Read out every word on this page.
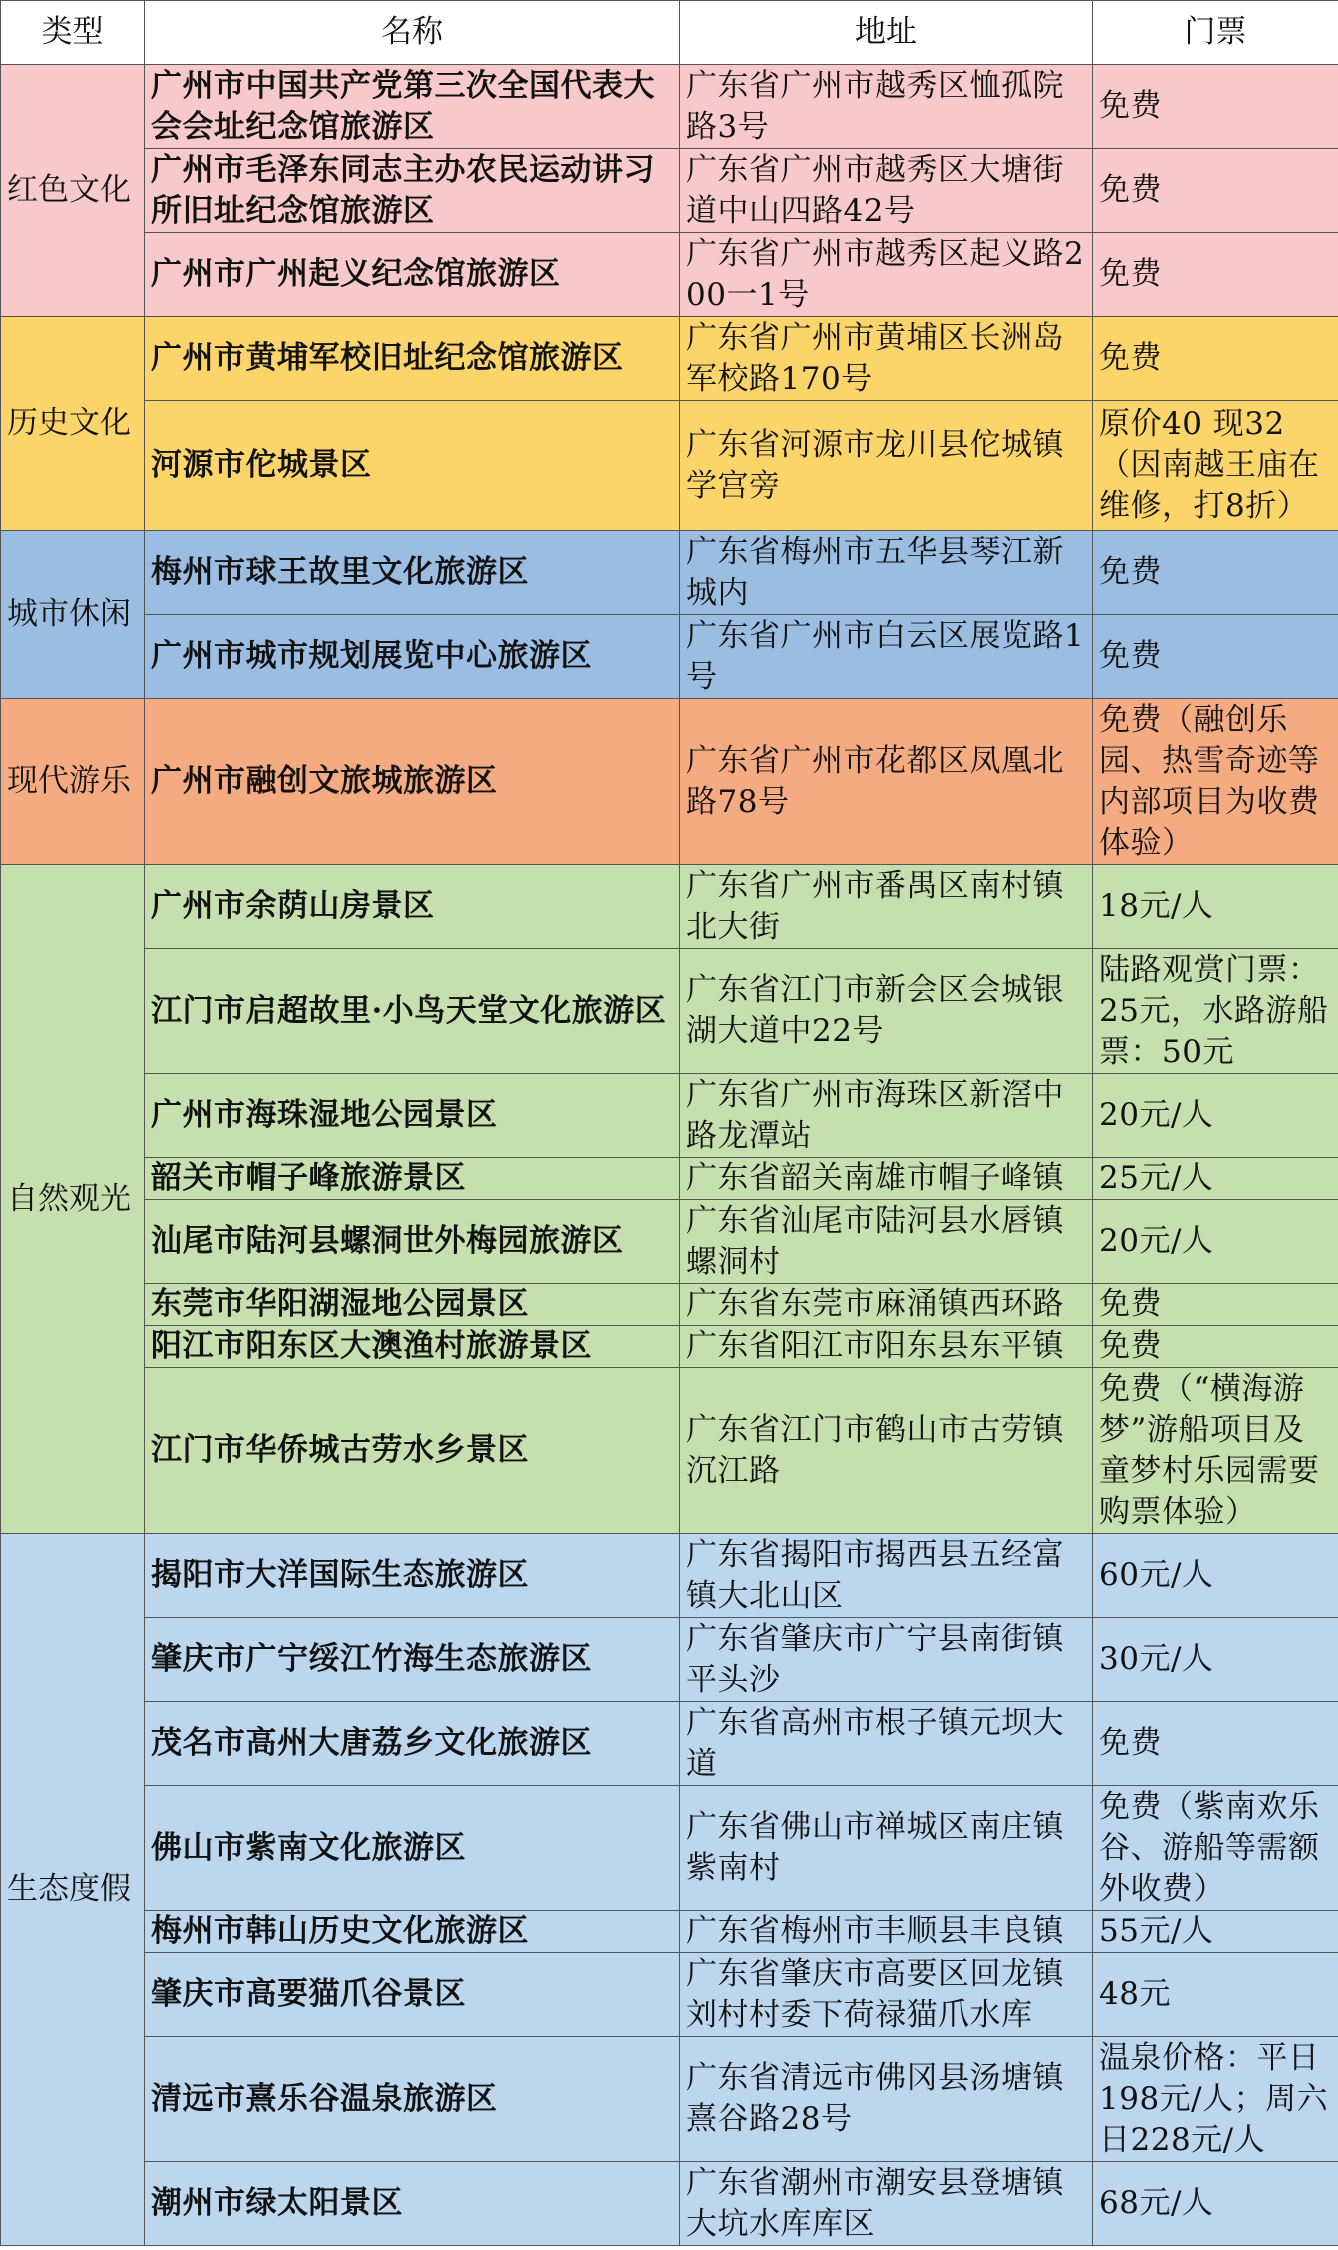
类型	名称	地址	门票
红色文化	广州市中国共产党第三次全国代表大会会址纪念馆旅游区	广东省广州市越秀区恤孤院路3号	免费
	广州市毛泽东同志主办农民运动讲习所旧址纪念馆旅游区	广东省广州市越秀区大塘街道中山四路42号	免费
	广州市广州起义纪念馆旅游区	广东省广州市越秀区起义路200一1号	免费
历史文化	广州市黄埔军校旧址纪念馆旅游区	广东省广州市黄埔区长洲岛军校路170号	免费
	河源市佗城景区	广东省河源市龙川县佗城镇学宫旁	原价40 现32（因南越王庙在维修，打8折）
城市休闲	梅州市球王故里文化旅游区	广东省梅州市五华县琴江新城内	免费
	广州市城市规划展览中心旅游区	广东省广州市白云区展览路1号	免费
现代游乐	广州市融创文旅城旅游区	广东省广州市花都区凤凰北路78号	免费（融创乐园、热雪奇迹等内部项目为收费体验）
自然观光	广州市余荫山房景区	广东省广州市番禺区南村镇北大街	18元/人
	江门市启超故里·小鸟天堂文化旅游区	广东省江门市新会区会城银湖大道中22号	陆路观赏门票：25元，水路游船票：50元
	广州市海珠湿地公园景区	广东省广州市海珠区新滘中路龙潭站	20元/人
	韶关市帽子峰旅游景区	广东省韶关南雄市帽子峰镇	25元/人
	汕尾市陆河县螺洞世外梅园旅游区	广东省汕尾市陆河县水唇镇螺洞村	20元/人
	东莞市华阳湖湿地公园景区	广东省东莞市麻涌镇西环路	免费
	阳江市阳东区大澳渔村旅游景区	广东省阳江市阳东县东平镇	免费
	江门市华侨城古劳水乡景区	广东省江门市鹤山市古劳镇沉江路	免费（“横海游梦”游船项目及童梦村乐园需要购票体验）
生态度假	揭阳市大洋国际生态旅游区	广东省揭阳市揭西县五经富镇大北山区	60元/人
	肇庆市广宁绥江竹海生态旅游区	广东省肇庆市广宁县南街镇平头沙	30元/人
	茂名市高州大唐荔乡文化旅游区	广东省高州市根子镇元坝大道	免费
	佛山市紫南文化旅游区	广东省佛山市禅城区南庄镇紫南村	免费（紫南欢乐谷、游船等需额外收费）
	梅州市韩山历史文化旅游区	广东省梅州市丰顺县丰良镇	55元/人
	肇庆市高要猫爪谷景区	广东省肇庆市高要区回龙镇刘村村委下荷禄猫爪水库	48元
	清远市熹乐谷温泉旅游区	广东省清远市佛冈县汤塘镇熹谷路28号	温泉价格：平日198元/人；周六日228元/人
	潮州市绿太阳景区	广东省潮州市潮安县登塘镇大坑水库库区	68元/人
